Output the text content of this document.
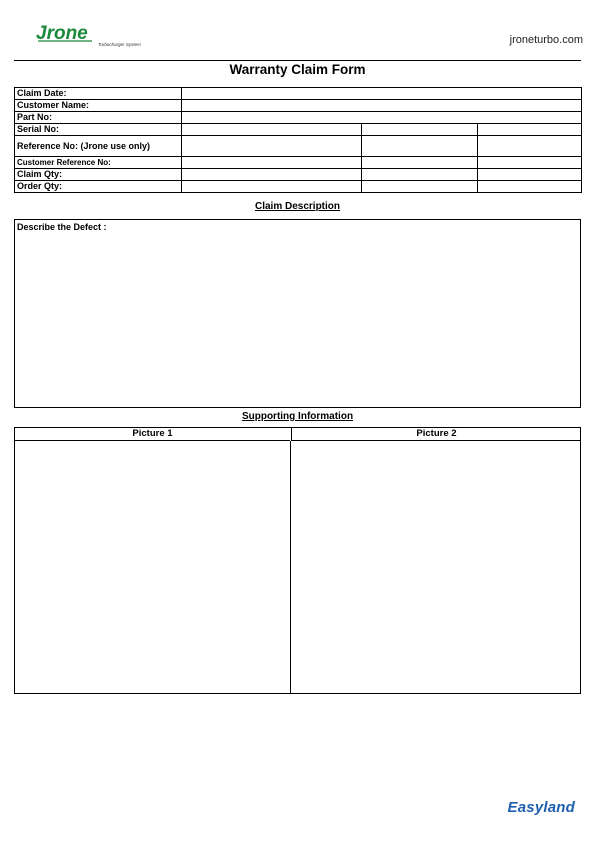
Jrone
Turbocharger System	jroneturbo.com
Warranty Claim Form
Claim Date:			
Customer Name:			
Part No:			
Serial No:			
Reference No: (Jrone use only)			
Customer Reference No:			
Claim Qty:			
Order Qty:			
Claim Description
Describe the Defect :
Supporting Information
Picture 1	Picture 2
Easyland
